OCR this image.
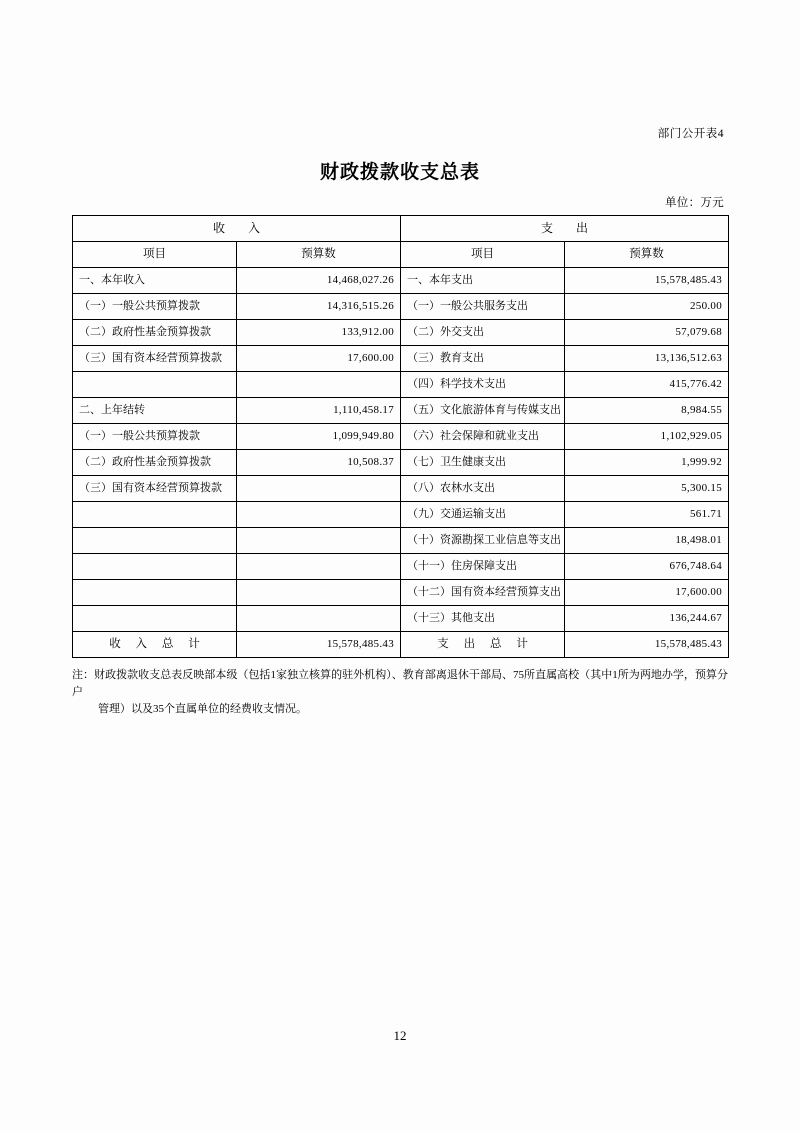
部门公开表4
财政拨款收支总表
单位：万元
收 入		支 出	
项目	预算数	项目	预算数
一、本年收入	14,468,027.26	一、本年支出	15,578,485.43
（一）一般公共预算拨款	14,316,515.26	（一）一般公共服务支出	250.00
（二）政府性基金预算拨款	133,912.00	（二）外交支出	57,079.68
（三）国有资本经营预算拨款	17,600.00	（三）教育支出	13,136,512.63
		（四）科学技术支出	415,776.42
二、上年结转	1,110,458.17	（五）文化旅游体育与传媒支出	8,984.55
（一）一般公共预算拨款	1,099,949.80	（六）社会保障和就业支出	1,102,929.05
（二）政府性基金预算拨款	10,508.37	（七）卫生健康支出	1,999.92
（三）国有资本经营预算拨款		（八）农林水支出	5,300.15
		（九）交通运输支出	561.71
		（十）资源勘探工业信息等支出	18,498.01
		（十一）住房保障支出	676,748.64
		（十二）国有资本经营预算支出	17,600.00
		（十三）其他支出	136,244.67
收 入 总 计	15,578,485.43	支 出 总 计	15,578,485.43
注：财政拨款收支总表反映部本级（包括1家独立核算的驻外机构）、教育部离退休干部局、75所直属高校（其中1所为两地办学，预算分户
管理）以及35个直属单位的经费收支情况。
12
